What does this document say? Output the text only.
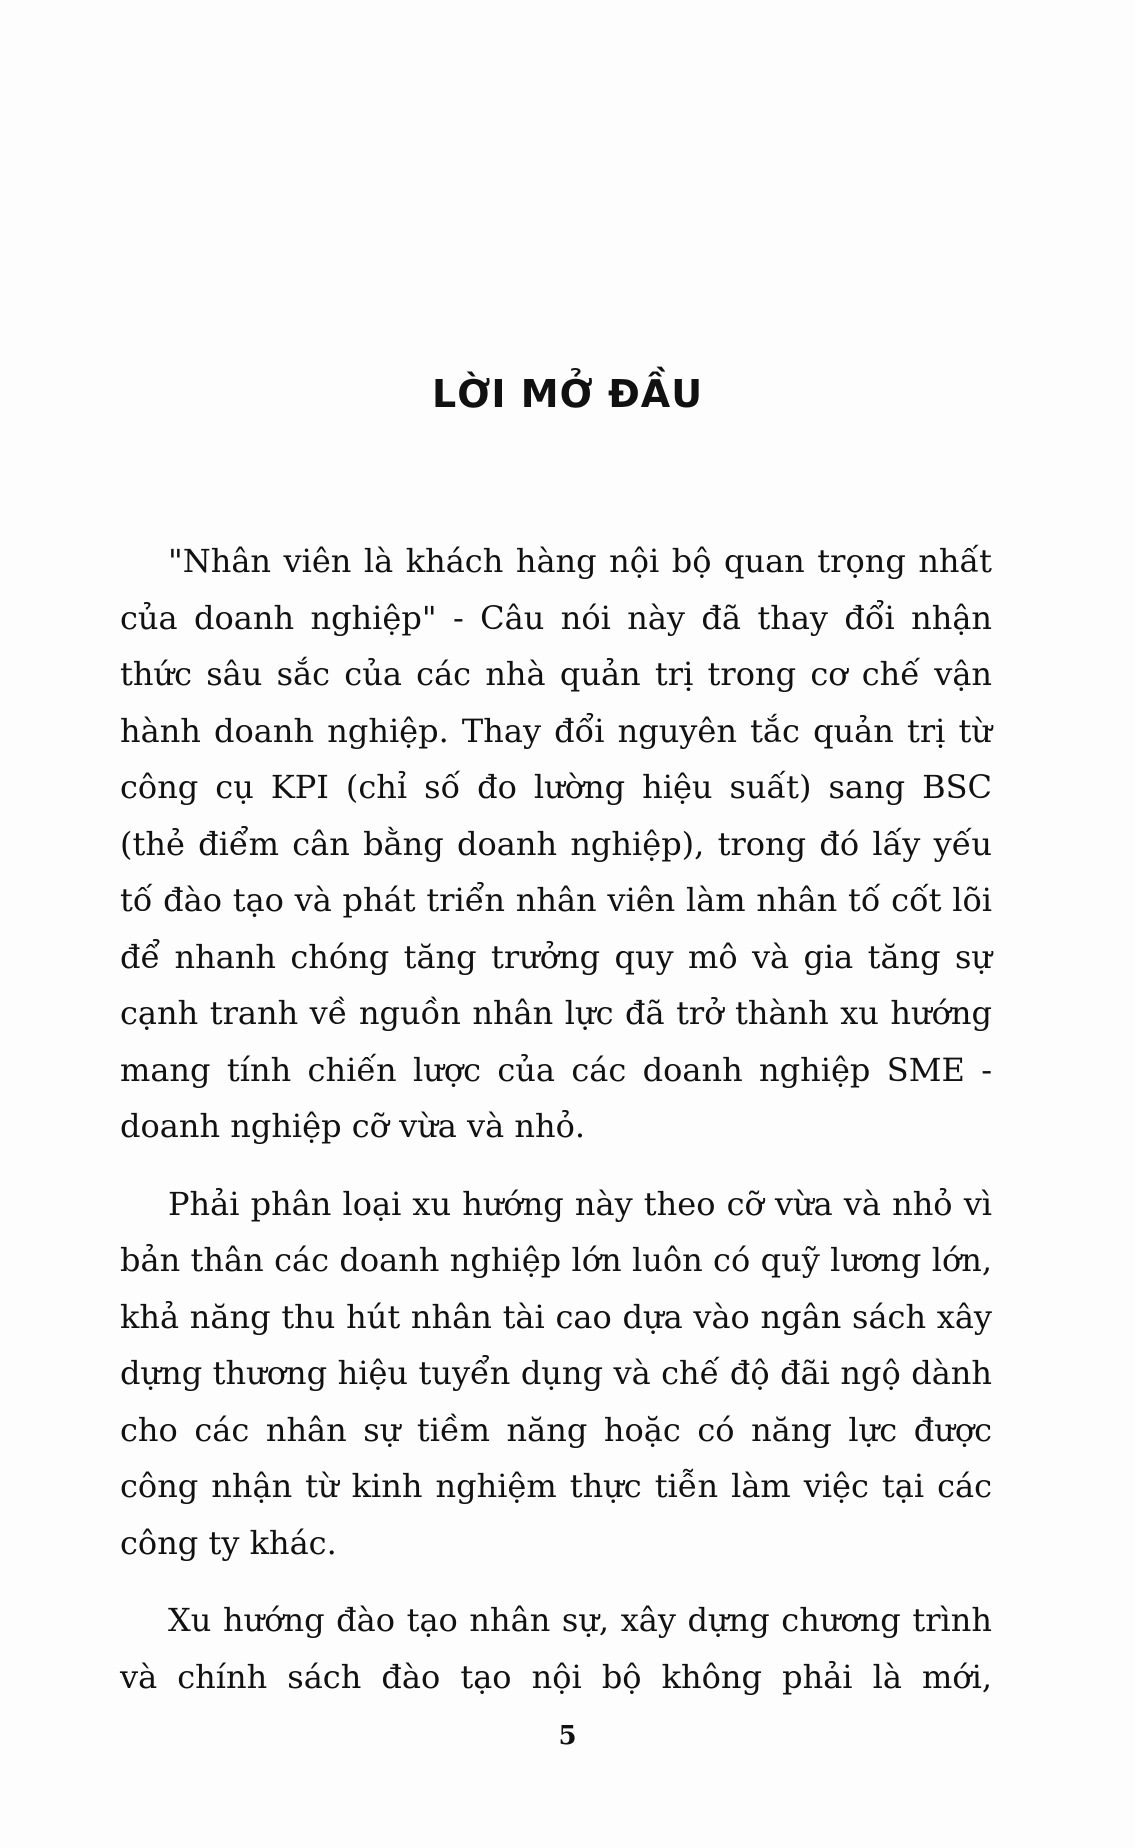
LỜI MỞ ĐẦU

"Nhân viên là khách hàng nội bộ quan trọng nhất của doanh nghiệp" - Câu nói này đã thay đổi nhận thức sâu sắc của các nhà quản trị trong cơ chế vận hành doanh nghiệp. Thay đổi nguyên tắc quản trị từ công cụ KPI (chỉ số đo lường hiệu suất) sang BSC (thẻ điểm cân bằng doanh nghiệp), trong đó lấy yếu tố đào tạo và phát triển nhân viên làm nhân tố cốt lõi để nhanh chóng tăng trưởng quy mô và gia tăng sự cạnh tranh về nguồn nhân lực đã trở thành xu hướng mang tính chiến lược của các doanh nghiệp SME - doanh nghiệp cỡ vừa và nhỏ.

Phải phân loại xu hướng này theo cỡ vừa và nhỏ vì bản thân các doanh nghiệp lớn luôn có quỹ lương lớn, khả năng thu hút nhân tài cao dựa vào ngân sách xây dựng thương hiệu tuyển dụng và chế độ đãi ngộ dành cho các nhân sự tiềm năng hoặc có năng lực được công nhận từ kinh nghiệm thực tiễn làm việc tại các công ty khác.

Xu hướng đào tạo nhân sự, xây dựng chương trình và chính sách đào tạo nội bộ không phải là mới,

5
